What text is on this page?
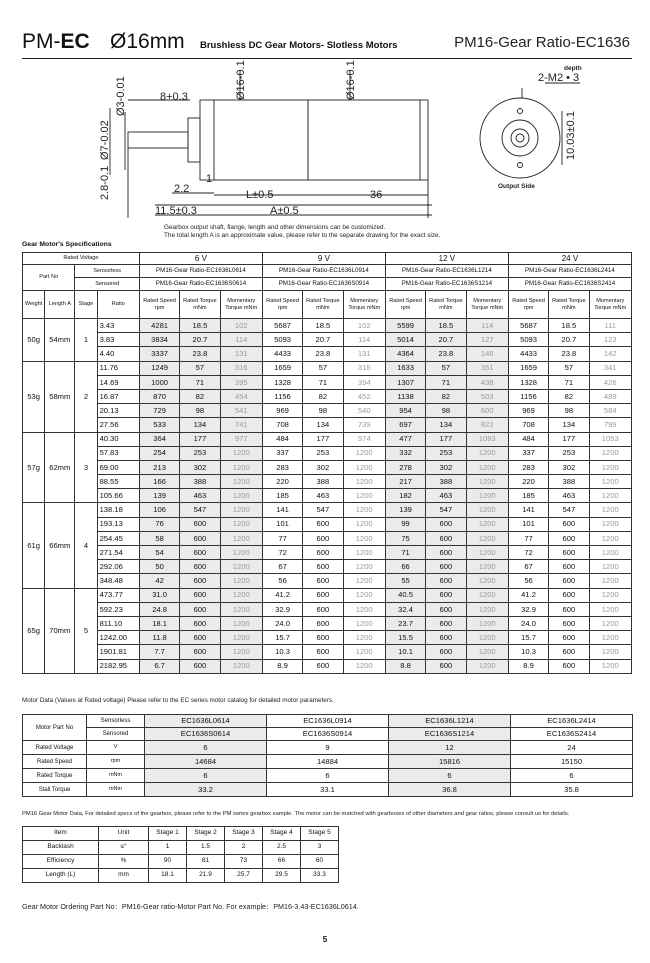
PM-EC Ø16mm Brushless DC Gear Motors- Slotless Motors	PM16-Gear Ratio-EC1636
8+0.3
2.2
1
L±0.5	36
11.5±0.3	A±0.5
Ø3-0.01
Ø7-0.02
2.8-0.1
Ø16-0.1	Ø16-0.1
10.03±0.1
2-M2 • 3
depth
Output Side
Gearbox output shaft, flange, length and other dimensions can be customized.
The total length A is an approximate value, please refer to the separate drawing for the exact size.
Gear Motor's Specifications
Rated Voltage				6 V			9 V			12 V			24 V		
Part No		Sensorless		PM16-Gear Ratio-EC1636L0614			PM16-Gear Ratio-EC1636L0914			PM16-Gear Ratio-EC1636L1214			PM16-Gear Ratio-EC1636L2414		
		Sensored		PM16-Gear Ratio-EC1636S0614			PM16-Gear Ratio-EC1636S0914			PM16-Gear Ratio-EC1636S1214			PM16-Gear Ratio-EC1636S2414		
Weight	Length A	Stage	Ratio	Rated Speed rpm	Rated Torque mNm	Momentary Torque mNm	Rated Speed rpm	Rated Torque mNm	Momentary Torque mNm	Rated Speed rpm	Rated Torque mNm	Momentary Torque mNm	Rated Speed rpm	Rated Torque mNm	Momentary Torque mNm
50g	54mm	1	3.43	4281	18.5	102	5687	18.5	102	5599	18.5	114	5687	18.5	111
			3.83	3834	20.7	114	5093	20.7	114	5014	20.7	127	5093	20.7	123
			4.40	3337	23.8	131	4433	23.8	131	4364	23.8	146	4433	23.8	142
53g	58mm	2	11.76	1249	57	316	1659	57	315	1633	57	351	1659	57	341
			14.69	1000	71	395	1328	71	394	1307	71	438	1328	71	426
			16.87	870	82	454	1156	82	452	1138	82	503	1156	82	489
			20.13	729	98	541	969	98	540	954	98	600	969	98	584
			27.56	533	134	741	708	134	739	697	134	822	708	134	799
57g	62mm	3	40.30	364	177	977	484	177	974	477	177	1083	484	177	1053
			57.83	254	253	1200	337	253	1200	332	253	1200	337	253	1200
			69.00	213	302	1200	283	302	1200	278	302	1200	283	302	1200
			88.55	166	388	1200	220	388	1200	217	388	1200	220	388	1200
			105.66	139	463	1200	185	463	1200	182	463	1200	185	463	1200
61g	66mm	4	138.18	106	547	1200	141	547	1200	139	547	1200	141	547	1200
			193.13	76	600	1200	101	600	1200	99	600	1200	101	600	1200
			254.45	58	600	1200	77	600	1200	75	600	1200	77	600	1200
			271.54	54	600	1200	72	600	1200	71	600	1200	72	600	1200
			292.06	50	600	1200	67	600	1200	66	600	1200	67	600	1200
			348.48	42	600	1200	56	600	1200	55	600	1200	56	600	1200
65g	70mm	5	473.77	31.0	600	1200	41.2	600	1200	40.5	600	1200	41.2	600	1200
			592.23	24.8	600	1200	32.9	600	1200	32.4	600	1200	32.9	600	1200
			811.10	18.1	600	1200	24.0	600	1200	23.7	600	1200	24.0	600	1200
			1242.00	11.8	600	1200	15.7	600	1200	15.5	600	1200	15.7	600	1200
			1901.81	7.7	600	1200	10.3	600	1200	10.1	600	1200	10.3	600	1200
			2182.95	6.7	600	1200	8.9	600	1200	8.8	600	1200	8.9	600	1200
Motor Data (Values at Rated voltage) Please refer to the EC series motor catalog for detailed motor parameters.
Motor Part No	Sensorless	EC1636L0614	EC1636L0914	EC1636L1214	EC1636L2414
	Sensored	EC1636S0614	EC1636S0914	EC1636S1214	EC1636S2414
Rated Voltage	V	6	9	12	24
Rated Speed	rpm	14684	14884	15816	15150
Rated Torque	mNm	6	6	6	6
Stall Torque	mNm	33.2	33.1	36.8	35.8
PM16 Gear Motor Data, For detailed specs of the gearbox, please refer to the PM series gearbox sample. The motor can be matched with gearboxes of other diameters and gear ratios, please consult us for details.
Item	Unit	Stage 1	Stage 2	Stage 3	Stage 4	Stage 5
Backlash	≤°	1	1.5	2	2.5	3
Efficiency	%	90	81	73	66	60
Length (L)	mm	18.1	21.9	25.7	29.5	33.3
Gear Motor Ordering Part No：PM16-Gear ratio-Motor Part No. For example：PM16-3.43-EC1636L0614.
5
